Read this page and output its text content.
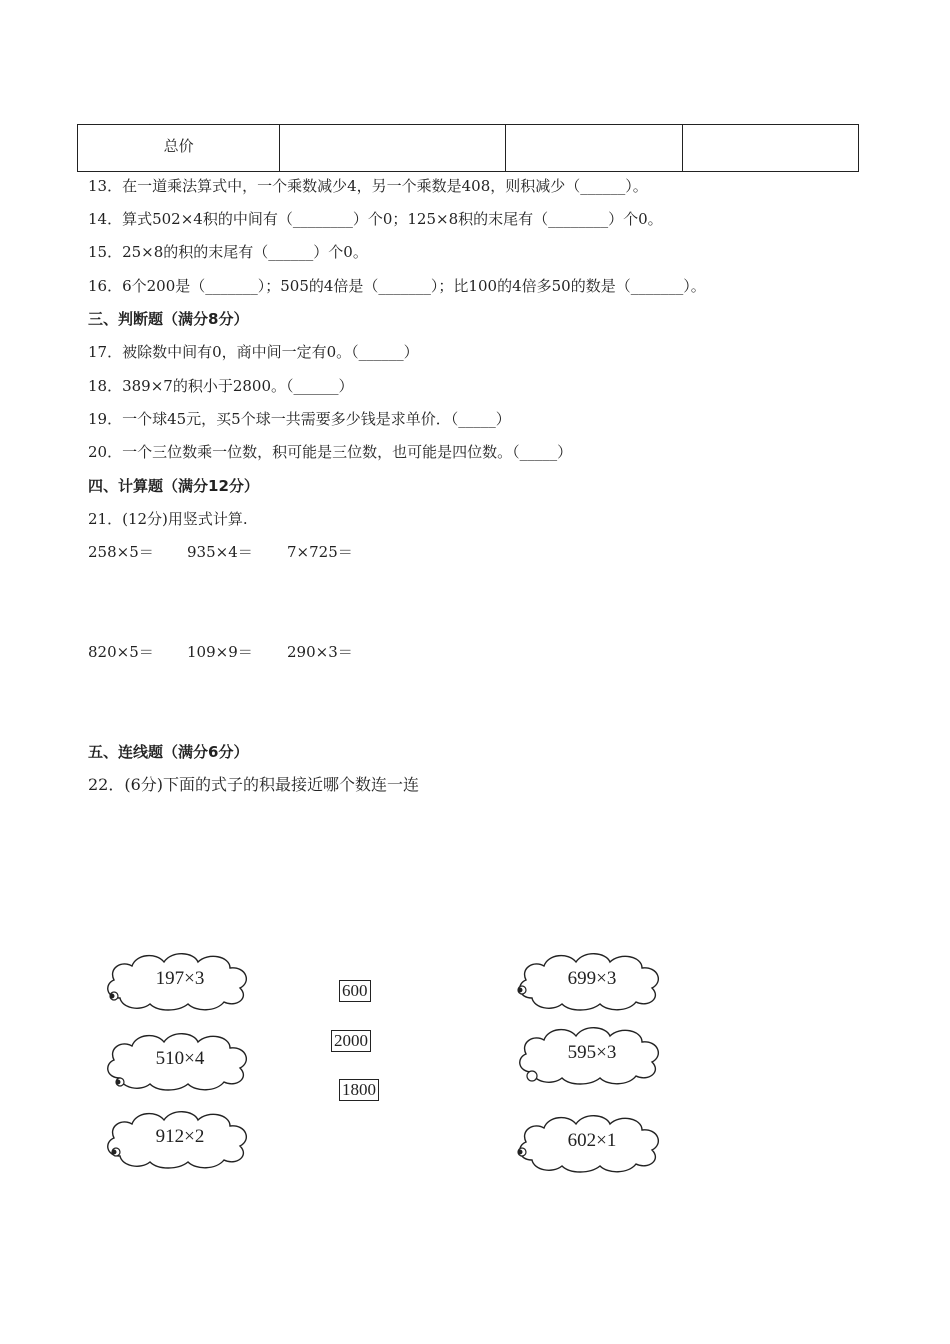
总价			
13．在一道乘法算式中，一个乘数减少4，另一个乘数是408，则积减少（______）。
14．算式502×4积的中间有（________）个0；125×8积的末尾有（________）个0。
15．25×8的积的末尾有（______）个0。
16．6个200是（_______）；505的4倍是（_______）；比100的4倍多50的数是（_______）。
三、判断题（满分8分）
17．被除数中间有0，商中间一定有0。（______）
18．389×7的积小于2800。（______）
19．一个球45元，买5个球一共需要多少钱是求单价．（_____）
20．一个三位数乘一位数，积可能是三位数，也可能是四位数。（_____）
四、计算题（满分12分）
21．(12分)用竖式计算.
258×5＝ 935×4＝ 7×725＝
820×5＝ 109×9＝ 290×3＝
五、连线题（满分6分）
22．(6分)下面的式子的积最接近哪个数连一连
197×3
510×4
912×2
600
2000
1800
699×3
595×3
602×1
